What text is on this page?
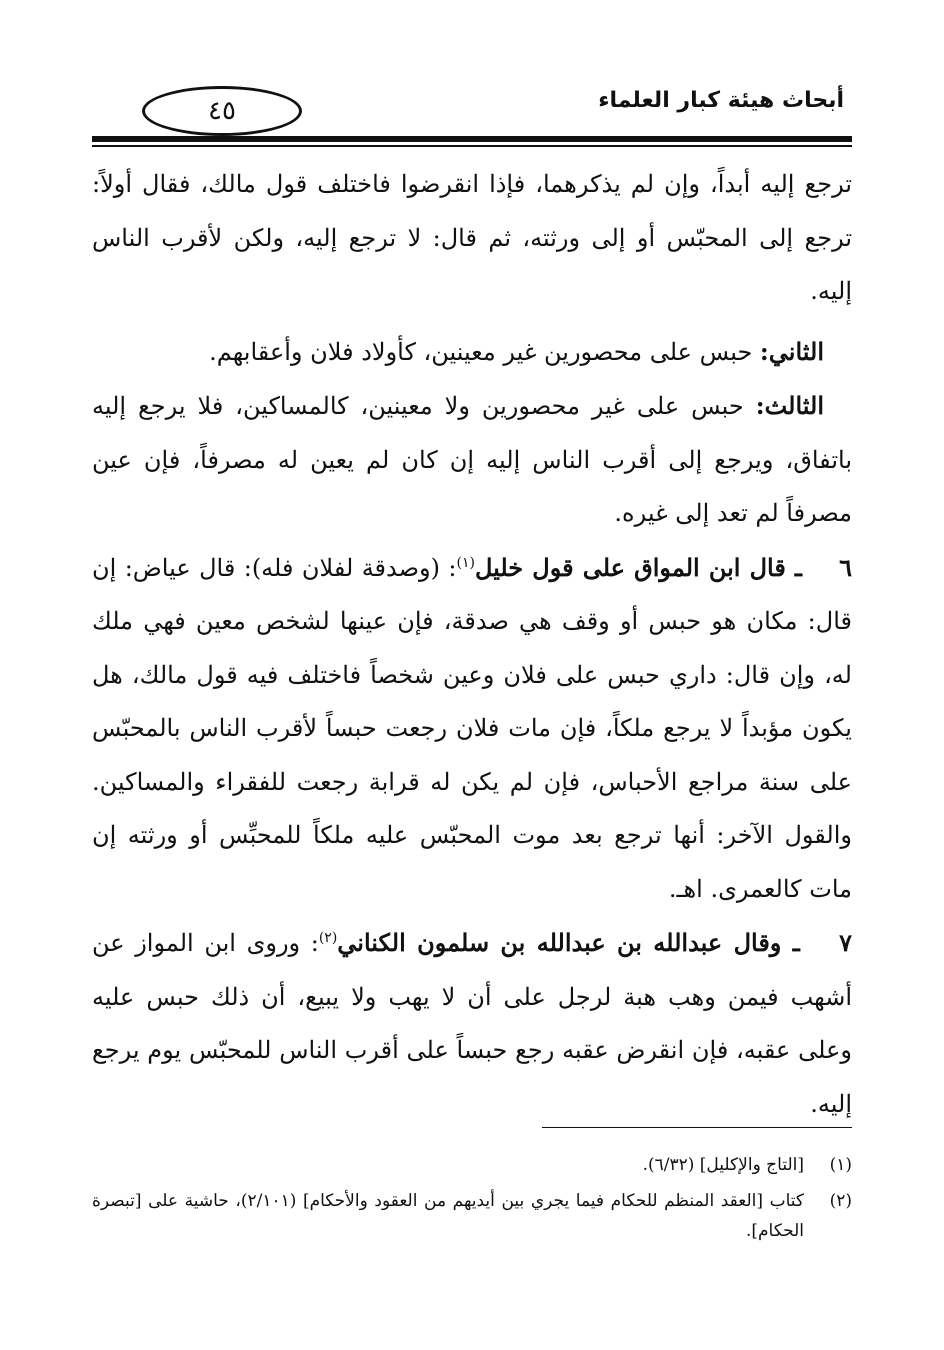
أبحاث هيئة كبار العلماء
٤٥

ترجع إليه أبداً، وإن لم يذكرهما، فإذا انقرضوا فاختلف قول مالك، فقال أولاً: ترجع إلى المحبّس أو إلى ورثته، ثم قال: لا ترجع إليه، ولكن لأقرب الناس إليه.

الثاني: حبس على محصورين غير معينين، كأولاد فلان وأعقابهم.

الثالث: حبس على غير محصورين ولا معينين، كالمساكين، فلا يرجع إليه باتفاق، ويرجع إلى أقرب الناس إليه إن كان لم يعين له مصرفاً، فإن عين مصرفاً لم تعد إلى غيره.

٦ ـ قال ابن المواق على قول خليل$^{(١)}$: (وصدقة لفلان فله): قال عياض: إن قال: مكان هو حبس أو وقف هي صدقة، فإن عينها لشخص معين فهي ملك له، وإن قال: داري حبس على فلان وعين شخصاً فاختلف فيه قول مالك، هل يكون مؤبداً لا يرجع ملكاً، فإن مات فلان رجعت حبساً لأقرب الناس بالمحبّس على سنة مراجع الأحباس، فإن لم يكن له قرابة رجعت للفقراء والمساكين. والقول الآخر: أنها ترجع بعد موت المحبّس عليه ملكاً للمحبِّس أو ورثته إن مات كالعمرى. اهـ.

٧ ـ وقال عبدالله بن عبدالله بن سلمون الكناني$^{(٢)}$: وروى ابن المواز عن أشهب فيمن وهب هبة لرجل على أن لا يهب ولا يبيع، أن ذلك حبس عليه وعلى عقبه، فإن انقرض عقبه رجع حبساً على أقرب الناس للمحبّس يوم يرجع إليه.

(١)
[التاج والإكليل] (٦/٣٢).
(٢)
كتاب [العقد المنظم للحكام فيما يجري بين أيديهم من العقود والأحكام] (٢/١٠١)، حاشية على [تبصرة الحكام].
